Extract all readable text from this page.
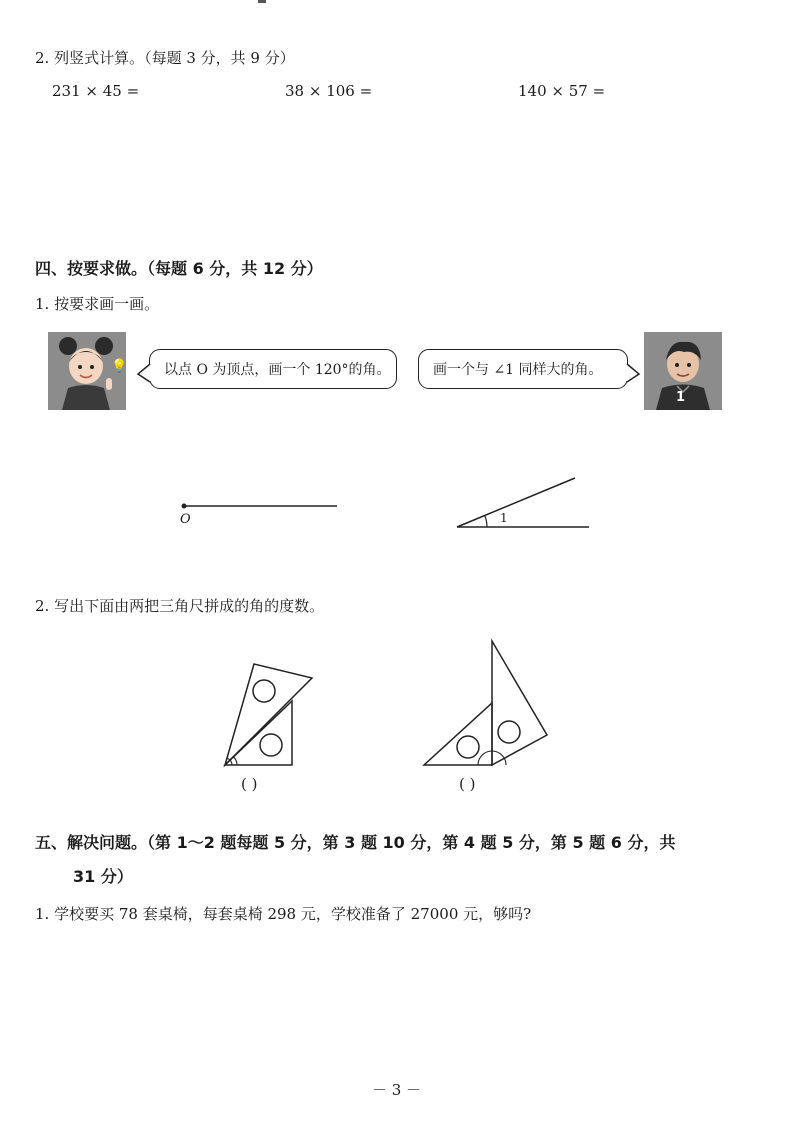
2. 列竖式计算。（每题 3 分，共 9 分）
231 × 45 =	38 × 106 =	140 × 57 =
四、按要求做。（每题 6 分，共 12 分）
1. 按要求画一画。
💡	以点 O 为顶点，画一个 120°的角。	画一个与 ∠1 同样大的角。
1
O	1
2. 写出下面由两把三角尺拼成的角的度数。
( )	( )
五、解决问题。（第 1～2 题每题 5 分，第 3 题 10 分，第 4 题 5 分，第 5 题 6 分，共
31 分）
1. 学校要买 78 套桌椅，每套桌椅 298 元，学校准备了 27000 元，够吗?
－ 3 －
